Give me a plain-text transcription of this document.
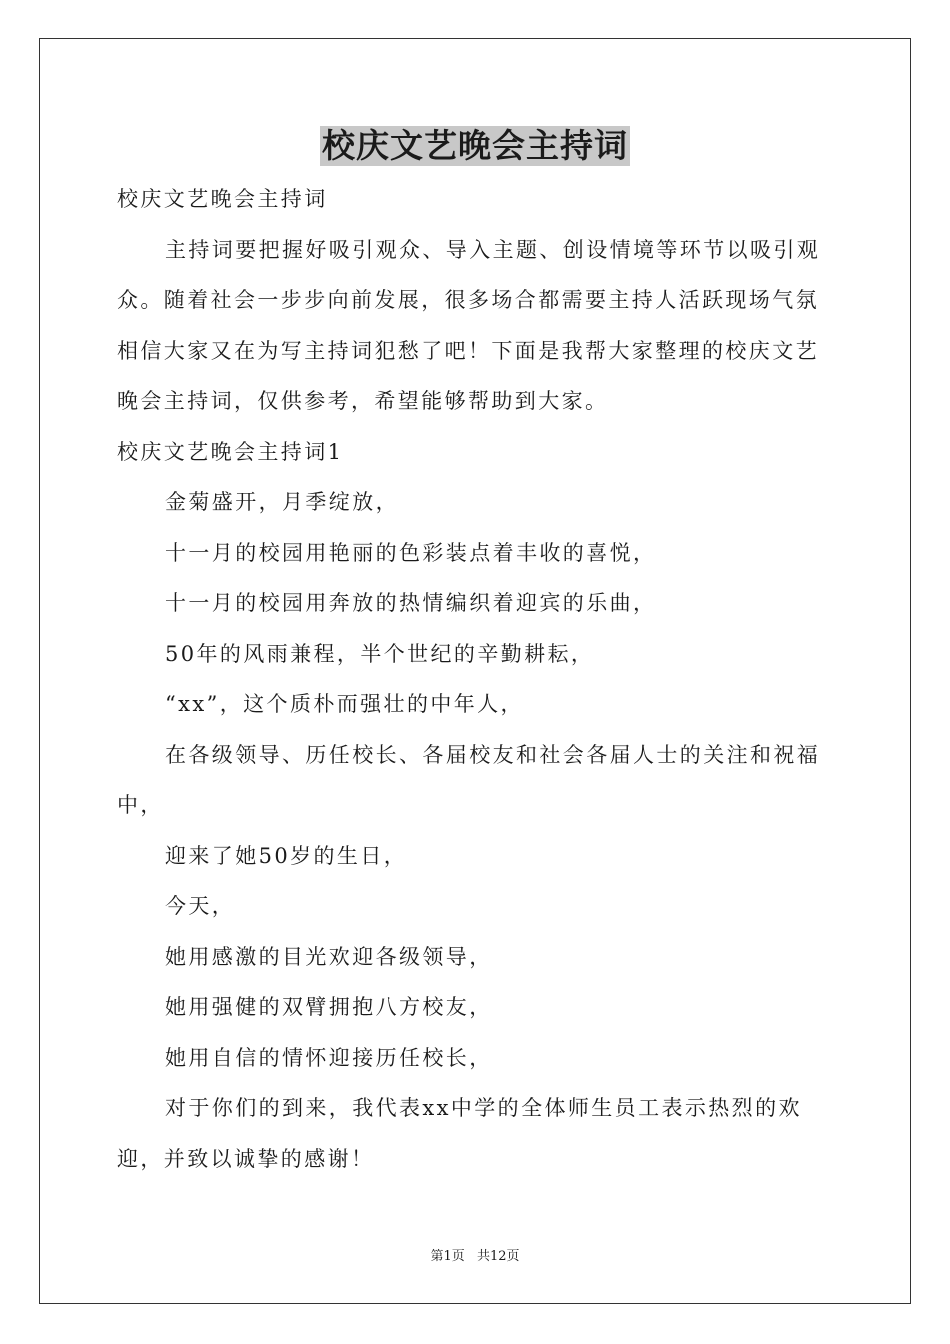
校庆文艺晚会主持词

校庆文艺晚会主持词

主持词要把握好吸引观众、导入主题、创设情境等环节以吸引观

众。随着社会一步步向前发展，很多场合都需要主持人活跃现场气氛

相信大家又在为写主持词犯愁了吧！下面是我帮大家整理的校庆文艺

晚会主持词，仅供参考，希望能够帮助到大家。

校庆文艺晚会主持词1

金菊盛开，月季绽放，

十一月的校园用艳丽的色彩装点着丰收的喜悦，

十一月的校园用奔放的热情编织着迎宾的乐曲，

50年的风雨兼程，半个世纪的辛勤耕耘，

“xx”，这个质朴而强壮的中年人，

在各级领导、历任校长、各届校友和社会各届人士的关注和祝福

中，

迎来了她50岁的生日，

今天，

她用感激的目光欢迎各级领导，

她用强健的双臂拥抱八方校友，

她用自信的情怀迎接历任校长，

对于你们的到来，我代表xx中学的全体师生员工表示热烈的欢

迎，并致以诚挚的感谢！

第1页 共12页
